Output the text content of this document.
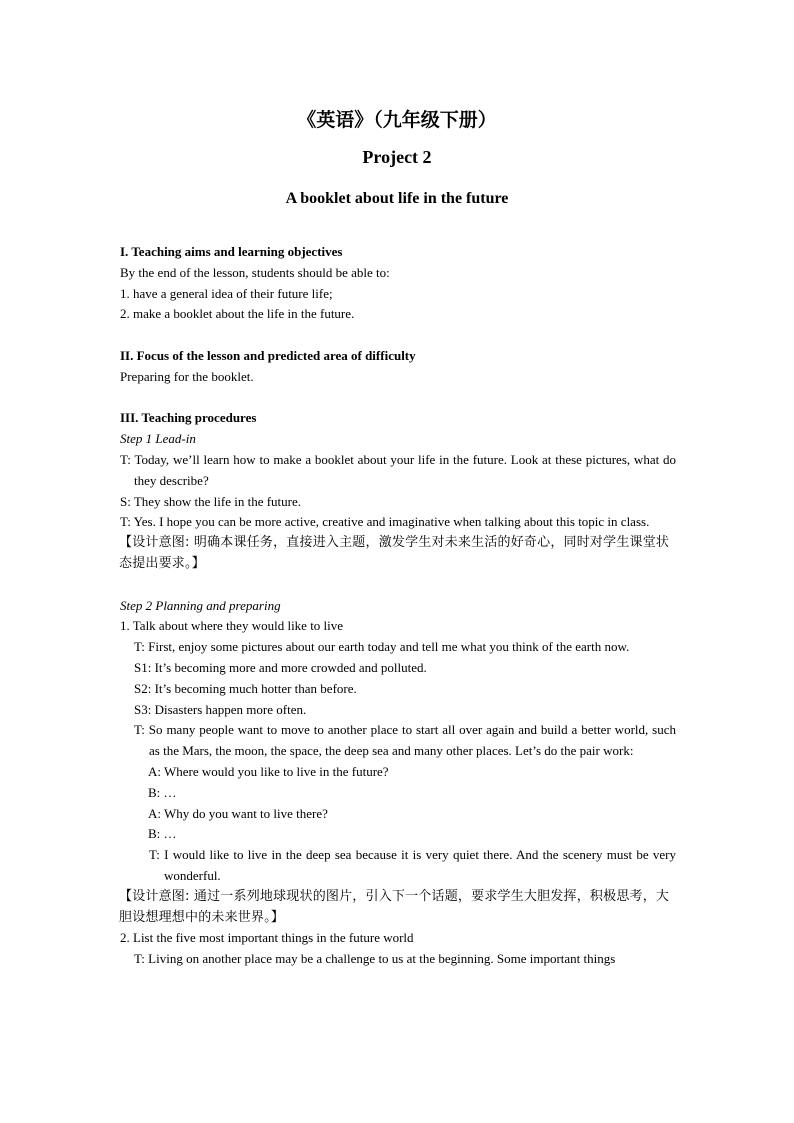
《英语》（九年级下册）
Project 2
A booklet about life in the future

I. Teaching aims and learning objectives

By the end of the lesson, students should be able to:

1. have a general idea of their future life;

2. make a booklet about the life in the future.

II. Focus of the lesson and predicted area of difficulty

Preparing for the booklet.

III. Teaching procedures

Step 1 Lead-in

T: Today, we’ll learn how to make a booklet about your life in the future. Look at these pictures, what do they describe?

S: They show the life in the future.

T: Yes. I hope you can be more active, creative and imaginative when talking about this topic in class.

【设计意图: 明确本课任务，直接进入主题，激发学生对未来生活的好奇心，同时对学生课堂状态提出要求。】

Step 2 Planning and preparing

1. Talk about where they would like to live

T: First, enjoy some pictures about our earth today and tell me what you think of the earth now.

S1: It’s becoming more and more crowded and polluted.

S2: It’s becoming much hotter than before.

S3: Disasters happen more often.

T: So many people want to move to another place to start all over again and build a better world, such as the Mars, the moon, the space, the deep sea and many other places. Let’s do the pair work:

A: Where would you like to live in the future?

B: …

A: Why do you want to live there?

B: …

T: I would like to live in the deep sea because it is very quiet there. And the scenery must be very wonderful.

【设计意图: 通过一系列地球现状的图片，引入下一个话题，要求学生大胆发挥，积极思考，大胆设想理想中的未来世界。】

2. List the five most important things in the future world

T: Living on another place may be a challenge to us at the beginning. Some important things
